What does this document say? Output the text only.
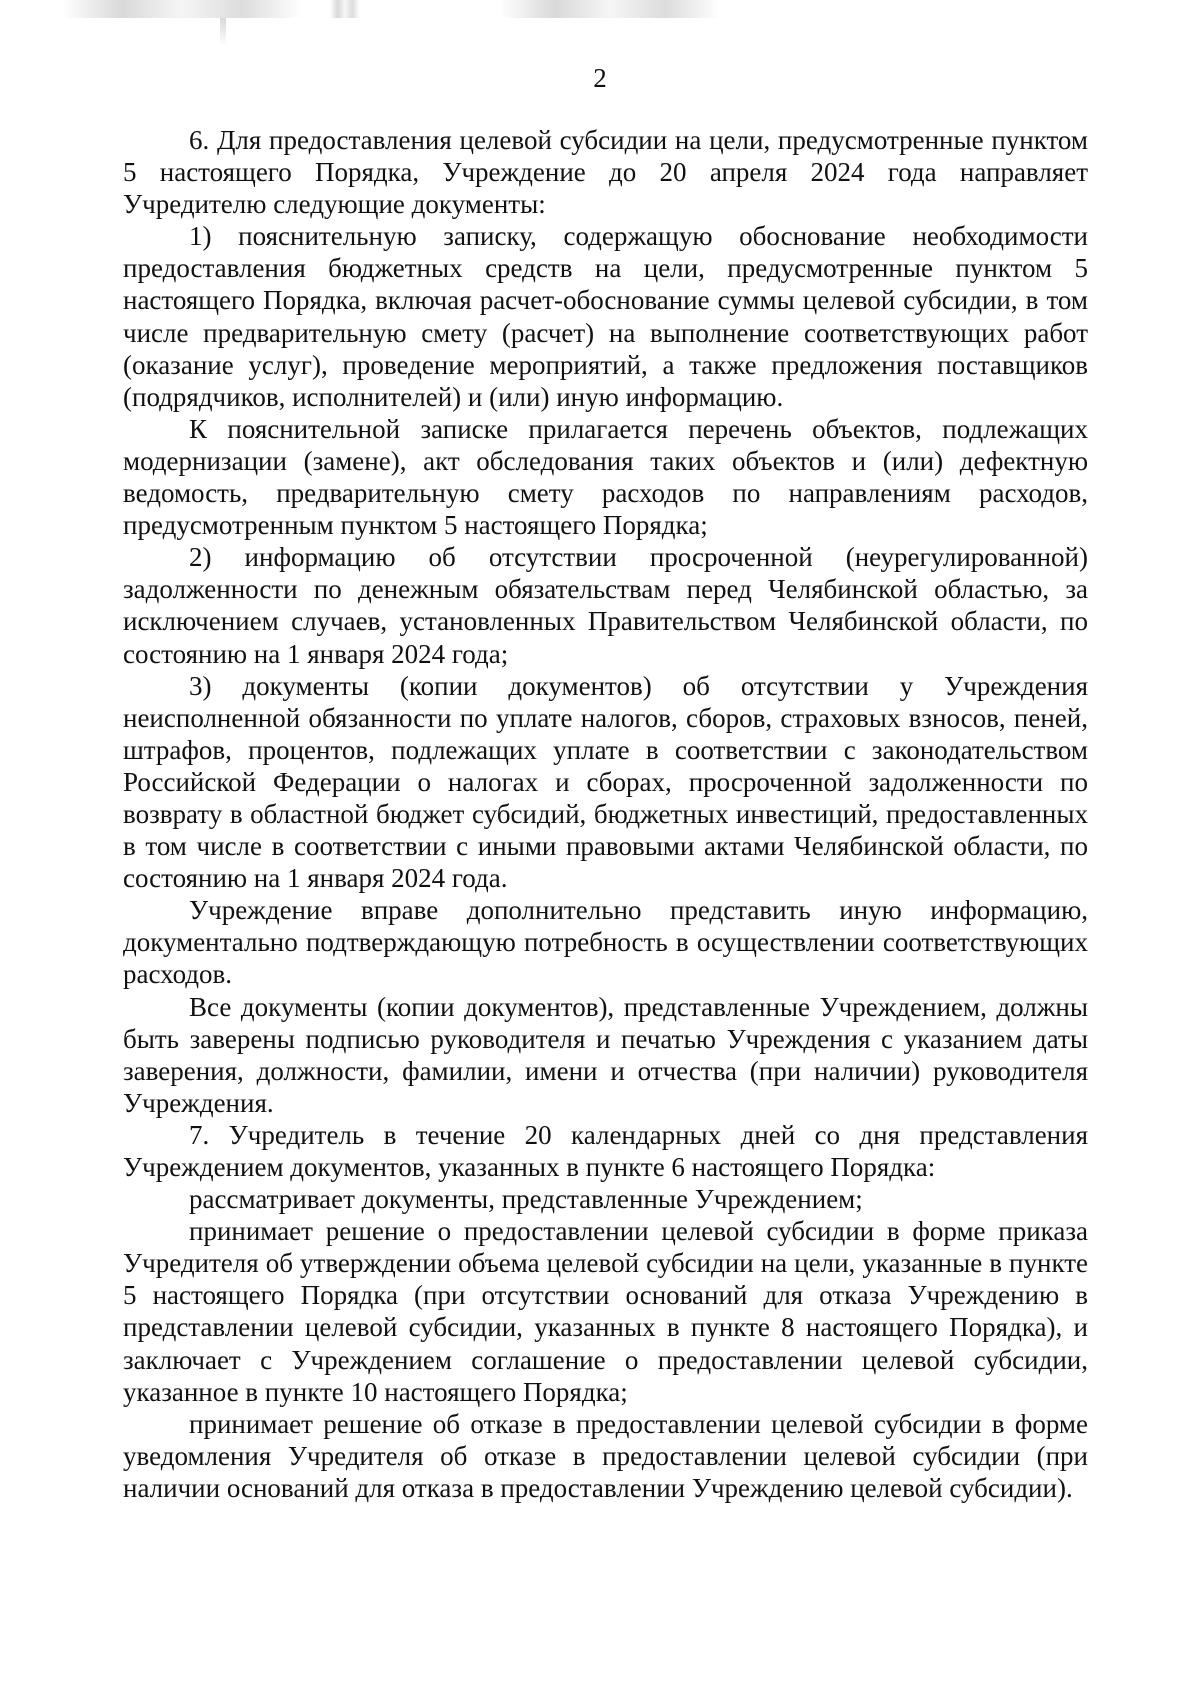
2

6. Для предоставления целевой субсидии на цели, предусмотренные пунктом 5 настоящего Порядка, Учреждение до 20 апреля 2024 года направляет Учредителю следующие документы:

1) пояснительную записку, содержащую обоснование необходимости предоставления бюджетных средств на цели, предусмотренные пунктом 5 настоящего Порядка, включая расчет-обоснование суммы целевой субсидии, в том числе предварительную смету (расчет) на выполнение соответствующих работ (оказание услуг), проведение мероприятий, а также предложения поставщиков (подрядчиков, исполнителей) и (или) иную информацию.

К пояснительной записке прилагается перечень объектов, подлежащих модернизации (замене), акт обследования таких объектов и (или) дефектную ведомость, предварительную смету расходов по направлениям расходов, предусмотренным пунктом 5 настоящего Порядка;

2) информацию об отсутствии просроченной (неурегулированной) задолженности по денежным обязательствам перед Челябинской областью, за исключением случаев, установленных Правительством Челябинской области, по состоянию на 1 января 2024 года;

3) документы (копии документов) об отсутствии у Учреждения неисполненной обязанности по уплате налогов, сборов, страховых взносов, пеней, штрафов, процентов, подлежащих уплате в соответствии с законодательством Российской Федерации о налогах и сборах, просроченной задолженности по возврату в областной бюджет субсидий, бюджетных инвестиций, предоставленных в том числе в соответствии с иными правовыми актами Челябинской области, по состоянию на 1 января 2024 года.

Учреждение вправе дополнительно представить иную информацию, документально подтверждающую потребность в осуществлении соответствующих расходов.

Все документы (копии документов), представленные Учреждением, должны быть заверены подписью руководителя и печатью Учреждения с указанием даты заверения, должности, фамилии, имени и отчества (при наличии) руководителя Учреждения.

7. Учредитель в течение 20 календарных дней со дня представления Учреждением документов, указанных в пункте 6 настоящего Порядка:

рассматривает документы, представленные Учреждением;

принимает решение о предоставлении целевой субсидии в форме приказа Учредителя об утверждении объема целевой субсидии на цели, указанные в пункте 5 настоящего Порядка (при отсутствии оснований для отказа Учреждению в представлении целевой субсидии, указанных в пункте 8 настоящего Порядка), и заключает с Учреждением соглашение о предоставлении целевой субсидии, указанное в пункте 10 настоящего Порядка;

принимает решение об отказе в предоставлении целевой субсидии в форме уведомления Учредителя об отказе в предоставлении целевой субсидии (при наличии оснований для отказа в предоставлении Учреждению целевой субсидии).
